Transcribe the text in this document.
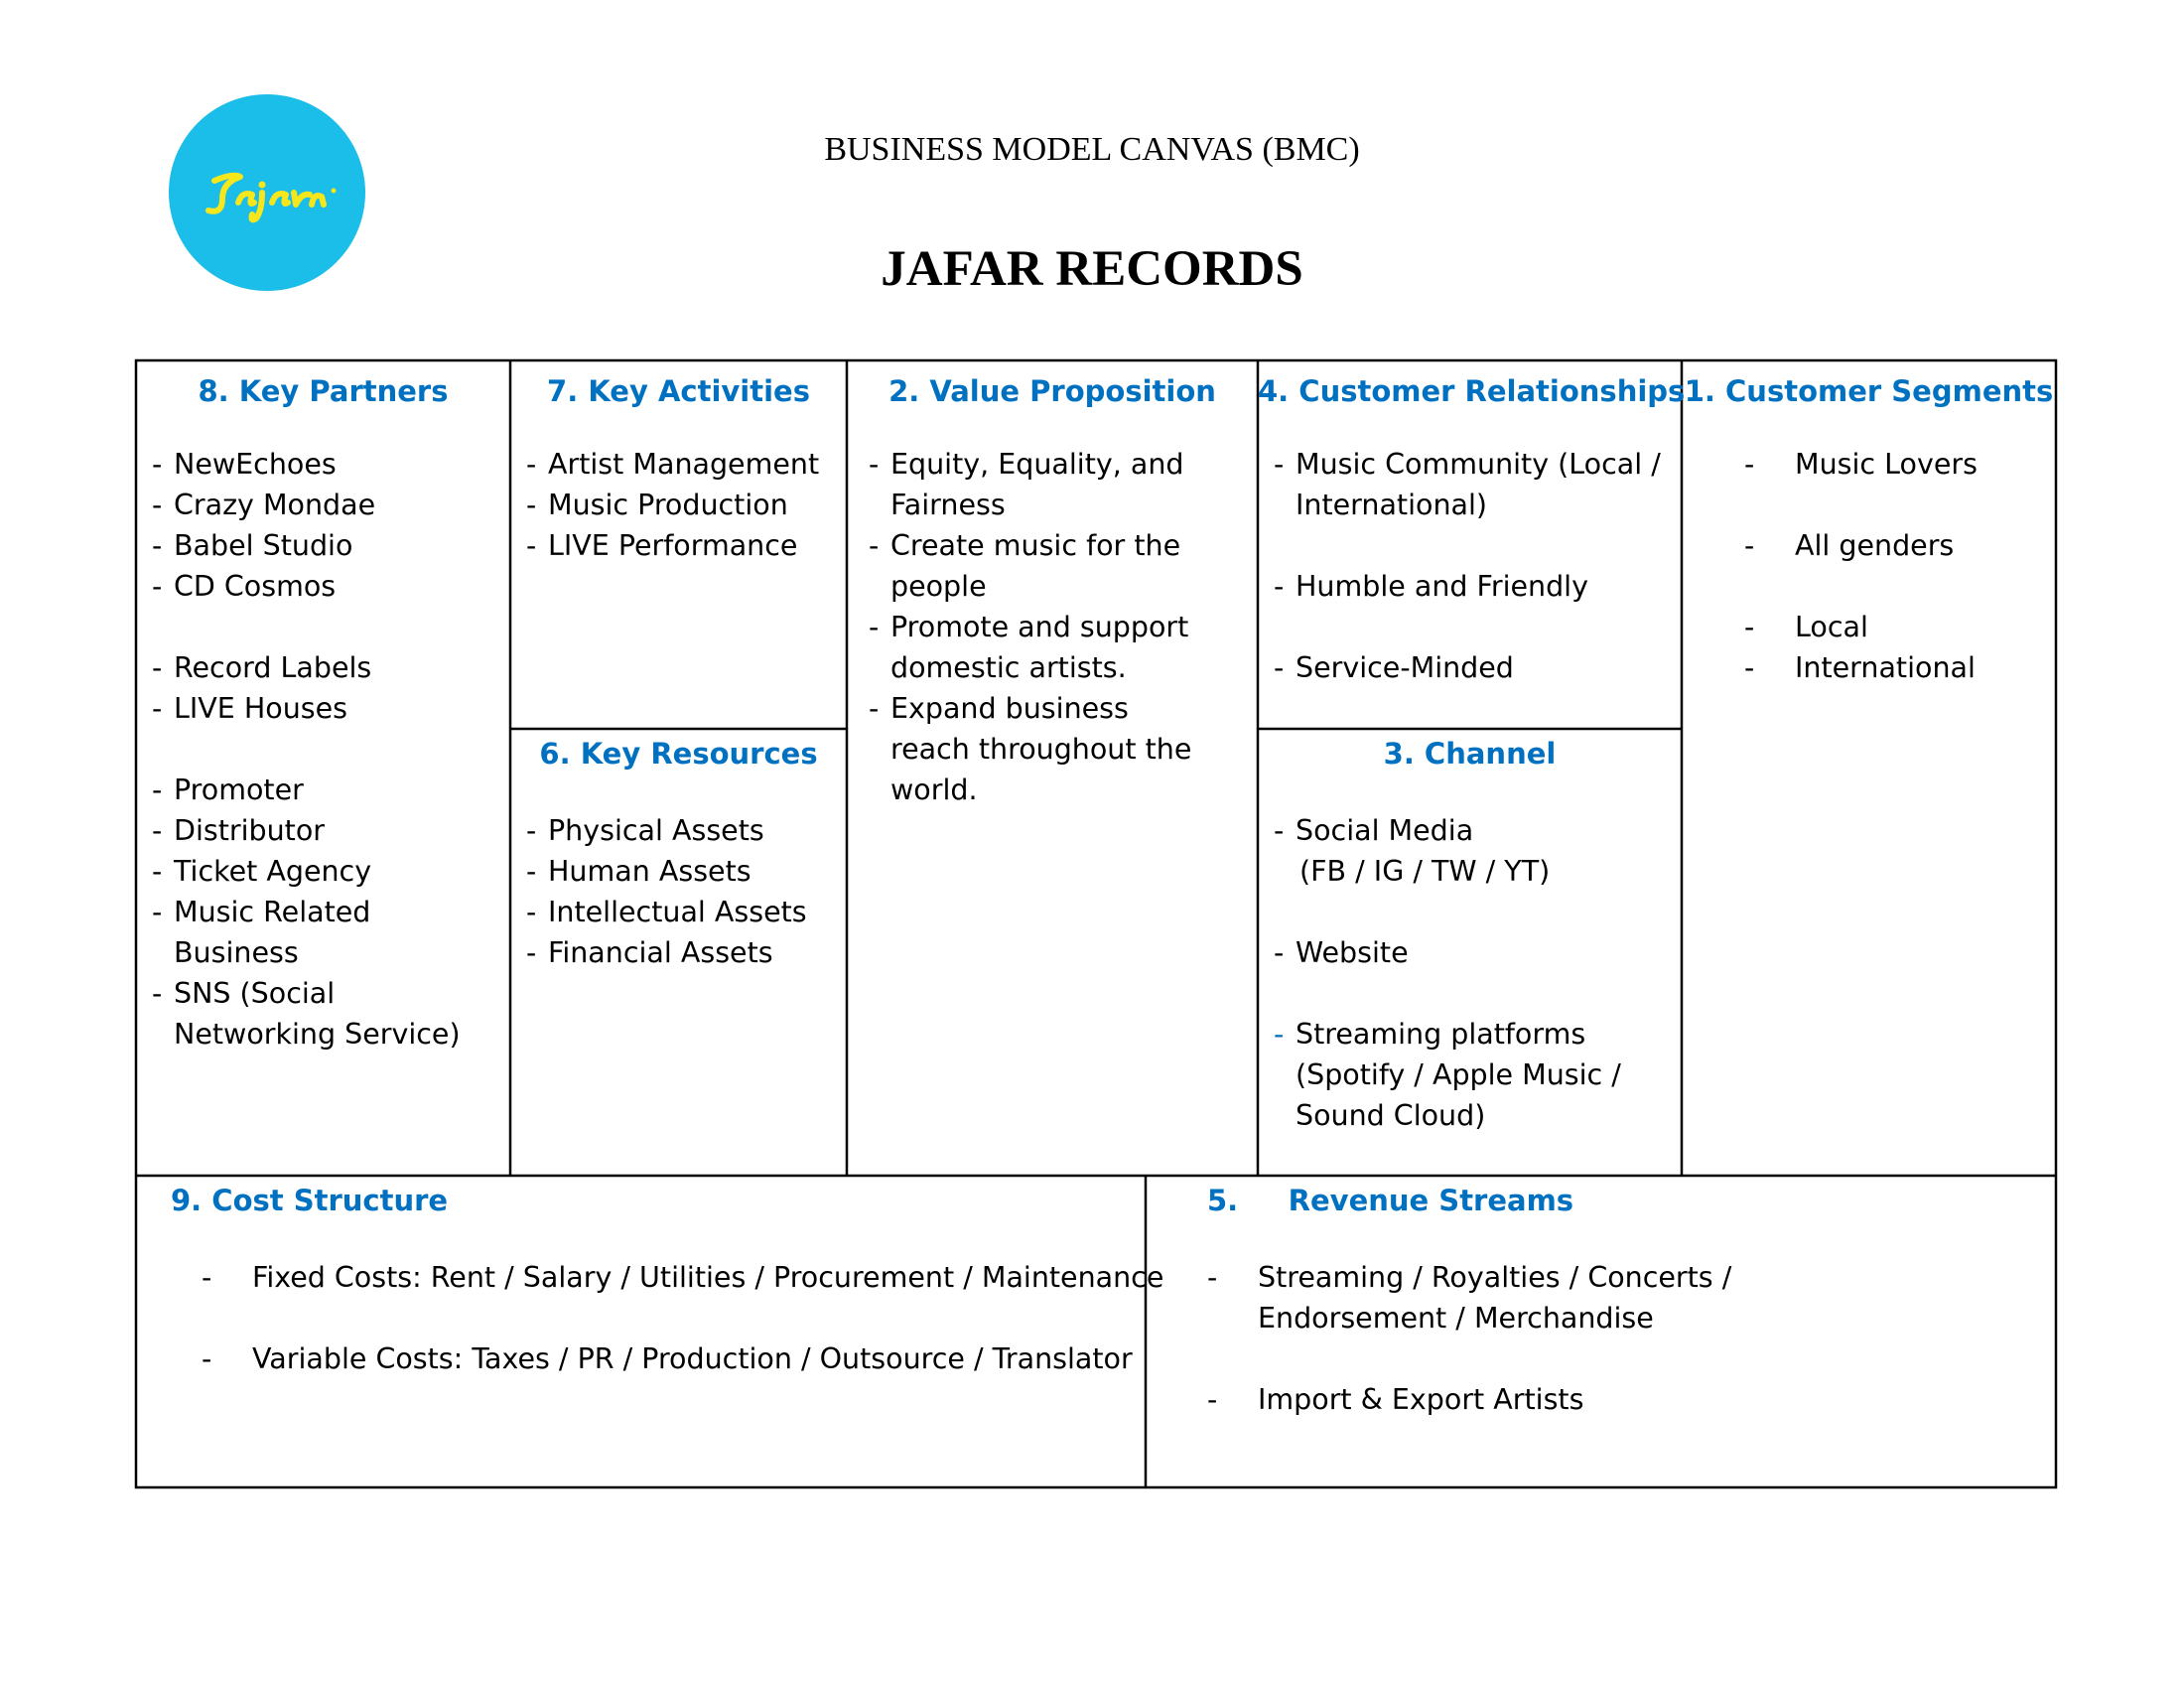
BUSINESS MODEL CANVAS (BMC)
JAFAR RECORDS
8. Key Partners
- NewEchoes
- Crazy Mondae
- Babel Studio
- CD Cosmos
- Record Labels
- LIVE Houses
- Promoter
- Distributor
- Ticket Agency
- Music Related Business
- SNS (Social Networking Service)
7. Key Activities
- Artist Management
- Music Production
- LIVE Performance
6. Key Resources
- Physical Assets
- Human Assets
- Intellectual Assets
- Financial Assets
2. Value Proposition
- Equity, Equality, and Fairness
- Create music for the people
- Promote and support domestic artists.
- Expand business reach throughout the world.
4. Customer Relationships
- Music Community (Local / International)
- Humble and Friendly
- Service-Minded
3. Channel
- Social Media
(FB / IG / TW / YT)
- Website
- Streaming platforms
(Spotify / Apple Music /
Sound Cloud)
1. Customer Segments
- Music Lovers
- All genders
- Local
- International
9. Cost Structure
- Fixed Costs: Rent / Salary / Utilities / Procurement / Maintenance
- Variable Costs: Taxes / PR / Production / Outsource / Translator
5.     Revenue Streams
- Streaming / Royalties / Concerts / Endorsement / Merchandise
- Import & Export Artists
